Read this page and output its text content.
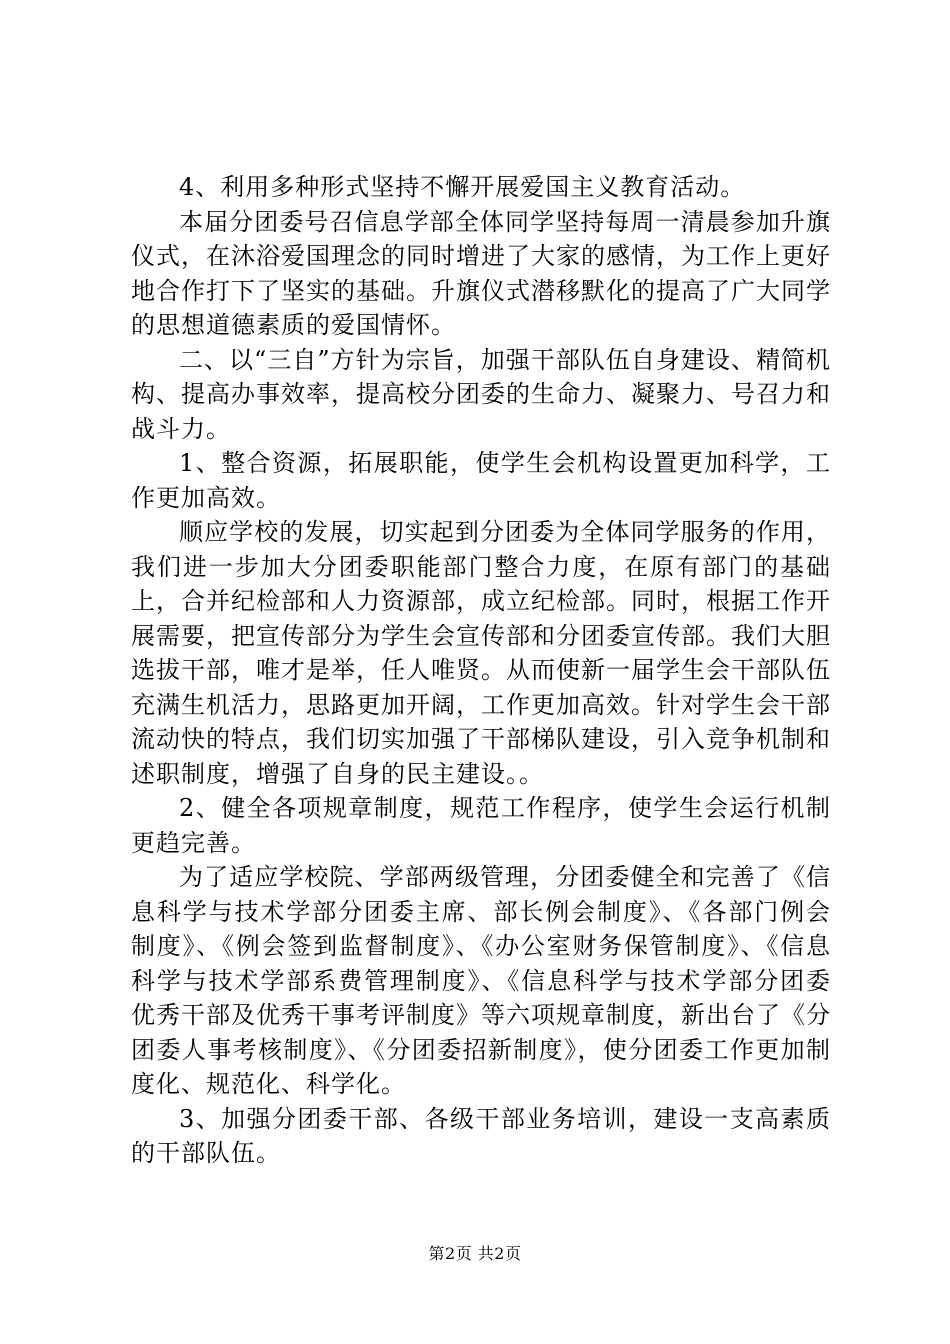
4、利用多种形式坚持不懈开展爱国主义教育活动。

本届分团委号召信息学部全体同学坚持每周一清晨参加升旗仪式，在沐浴爱国理念的同时增进了大家的感情，为工作上更好地合作打下了坚实的基础。升旗仪式潜移默化的提高了广大同学的思想道德素质的爱国情怀。

二、以“三自”方针为宗旨，加强干部队伍自身建设、精简机构、提高办事效率，提高校分团委的生命力、凝聚力、号召力和战斗力。

1、整合资源，拓展职能，使学生会机构设置更加科学，工作更加高效。

顺应学校的发展，切实起到分团委为全体同学服务的作用，我们进一步加大分团委职能部门整合力度，在原有部门的基础上，合并纪检部和人力资源部，成立纪检部。同时，根据工作开展需要，把宣传部分为学生会宣传部和分团委宣传部。我们大胆选拔干部，唯才是举，任人唯贤。从而使新一届学生会干部队伍充满生机活力，思路更加开阔，工作更加高效。针对学生会干部流动快的特点，我们切实加强了干部梯队建设，引入竞争机制和述职制度，增强了自身的民主建设。。

2、健全各项规章制度，规范工作程序，使学生会运行机制更趋完善。

为了适应学校院、学部两级管理，分团委健全和完善了《信息科学与技术学部分团委主席、部长例会制度》、《各部门例会制度》、《例会签到监督制度》、《办公室财务保管制度》、《信息科学与技术学部系费管理制度》、《信息科学与技术学部分团委优秀干部及优秀干事考评制度》等六项规章制度，新出台了《分团委人事考核制度》、《分团委招新制度》，使分团委工作更加制度化、规范化、科学化。

3、加强分团委干部、各级干部业务培训，建设一支高素质的干部队伍。

第2页 共2页
